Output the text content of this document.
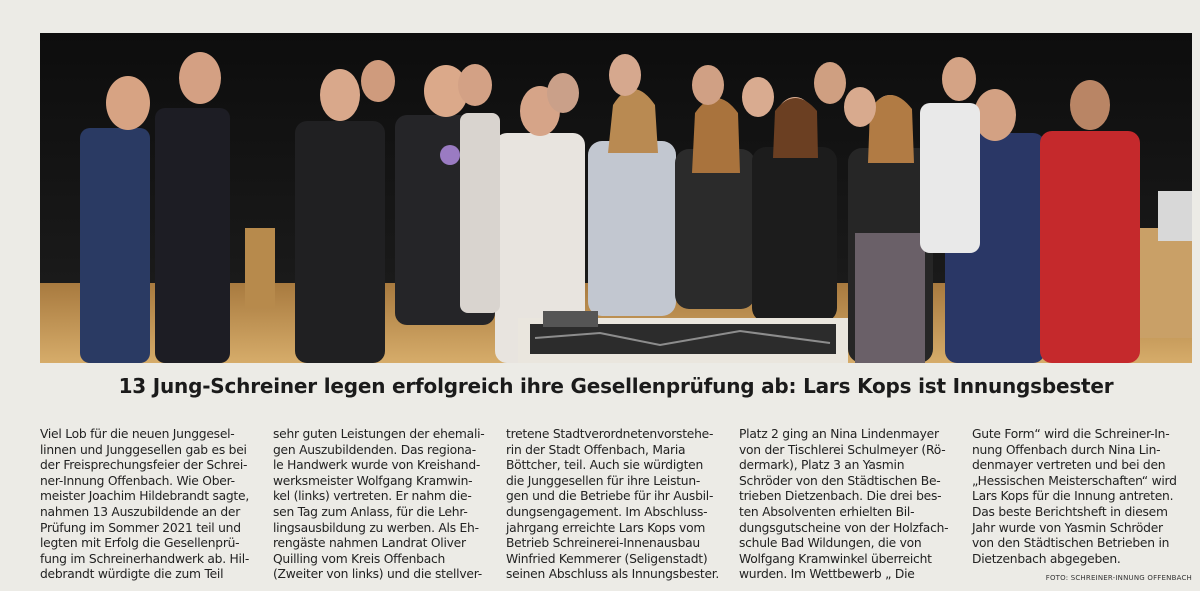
13 Jung-Schreiner legen erfolgreich ihre Gesellenprüfung ab: Lars Kops ist Innungsbester
Viel Lob für die neuen Junggesel-
linnen und Junggesellen gab es bei
der Freisprechungsfeier der Schrei-
ner-Innung Offenbach. Wie Ober-
meister Joachim Hildebrandt sagte,
nahmen 13 Auszubildende an der
Prüfung im Sommer 2021 teil und
legten mit Erfolg die Gesellenprü-
fung im Schreinerhandwerk ab. Hil-
debrandt würdigte die zum Teil
sehr guten Leistungen der ehemali-
gen Auszubildenden. Das regiona-
le Handwerk wurde von Kreishand-
werksmeister Wolfgang Kramwin-
kel (links) vertreten. Er nahm die-
sen Tag zum Anlass, für die Lehr-
lingsausbildung zu werben. Als Eh-
rengäste nahmen Landrat Oliver
Quilling vom Kreis Offenbach
(Zweiter von links) und die stellver-
tretene Stadtverordnetenvorstehe-
rin der Stadt Offenbach, Maria
Böttcher, teil. Auch sie würdigten
die Junggesellen für ihre Leistun-
gen und die Betriebe für ihr Ausbil-
dungsengagement. Im Abschluss-
jahrgang erreichte Lars Kops vom
Betrieb Schreinerei-Innenausbau
Winfried Kemmerer (Seligenstadt)
seinen Abschluss als Innungsbester.
Platz 2 ging an Nina Lindenmayer
von der Tischlerei Schulmeyer (Rö-
dermark), Platz 3 an Yasmin
Schröder von den Städtischen Be-
trieben Dietzenbach. Die drei bes-
ten Absolventen erhielten Bil-
dungsgutscheine von der Holzfach-
schule Bad Wildungen, die von
Wolfgang Kramwinkel überreicht
wurden. Im Wettbewerb „ Die
Gute Form“ wird die Schreiner-In-
nung Offenbach durch Nina Lin-
denmayer vertreten und bei den
„Hessischen Meisterschaften“ wird
Lars Kops für die Innung antreten.
Das beste Berichtsheft in diesem
Jahr wurde von Yasmin Schröder
von den Städtischen Betrieben in
Dietzenbach abgegeben.
FOTO: SCHREINER-INNUNG OFFENBACH
